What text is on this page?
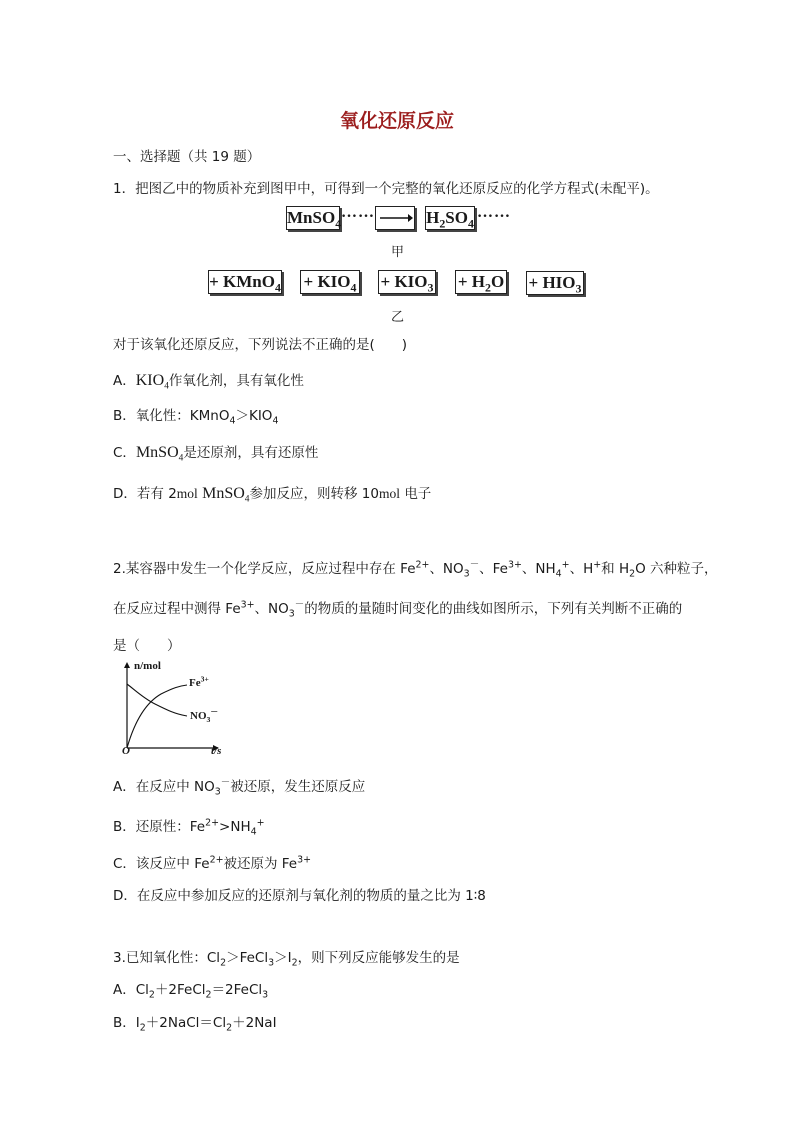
氧化还原反应
一、选择题（共 19 题）
1．把图乙中的物质补充到图甲中，可得到一个完整的氧化还原反应的化学方程式(未配平)。
MnSO$_4$
……	$H_2SO_4$
……
甲
+ KMnO$_4$ + $KIO_4 + KIO_3 + H_2O + HIO_3$
乙
对于该氧化还原反应，下列说法不正确的是(　　)
A．$KIO_4$作氧化剂，具有氧化性
B．氧化性：$KMnO_4>KIO_4$
C．MnSO$_4$是还原剂，具有还原性
D．若有 2mol MnSO$_4$参加反应，则转移 10mol 电子
2.某容器中发生一个化学反应，反应过程中存在 $Fe^{2+}$、$NO_3^-$、$Fe^{3+}$、$NH_4^+$、H+和 $H_2O$ 六种粒子，
在反应过程中测得 $Fe^{3+}$、$NO_3^-$的物质的量随时间变化的曲线如图所示，下列有关判断不正确的
是（　　）
n/mol
$Fe^{3+}$
$NO_3^-$
O	t/s
A．在反应中 $NO_3^-$被还原，发生还原反应
B．还原性：$Fe^{2+}>NH_4^+$
C．该反应中 $Fe^{2+}$被还原为 $Fe^{3+}$
D．在反应中参加反应的还原剂与氧化剂的物质的量之比为 1∶8
3.已知氧化性：$Cl_2>FeCl_3>I_2$，则下列反应能够发生的是
A．$Cl_2+2FeCl_2=2FeCl_3$
B．$I_2+2NaCl=Cl_2+2NaI$
